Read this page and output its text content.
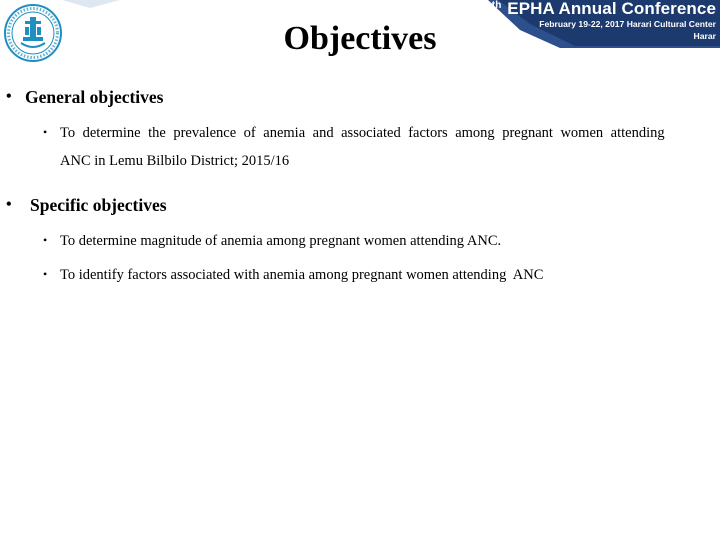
28th EPHA Annual Conference
February 19-22, 2017 Harari Cultural Center
Harar
Objectives
• General objectives
• To determine the prevalence of anemia and associated factors among pregnant women attending
ANC in Lemu Bilbilo District; 2015/16
• Specific objectives
• To determine magnitude of anemia among pregnant women attending ANC.
• To identify factors associated with anemia among pregnant women attending  ANC
